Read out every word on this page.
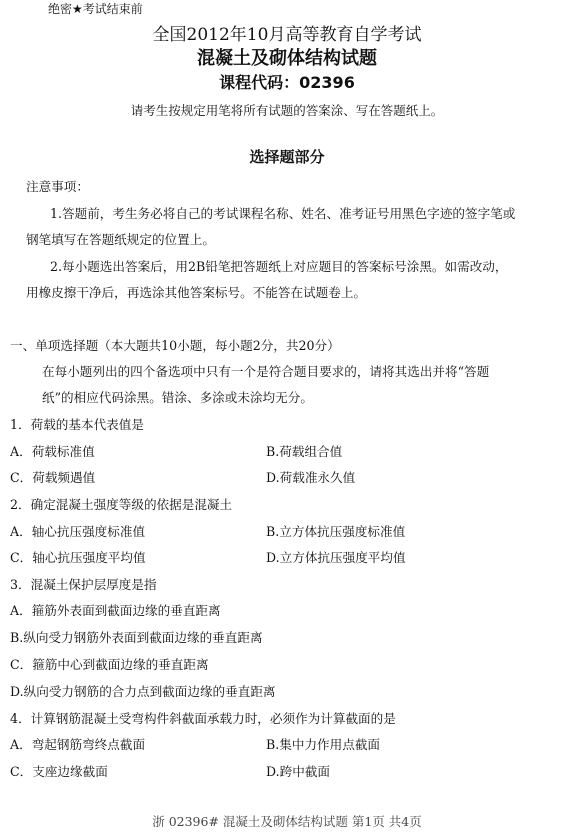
绝密★考试结束前
全国2012年10月高等教育自学考试
混凝土及砌体结构试题
课程代码：02396
请考生按规定用笔将所有试题的答案涂、写在答题纸上。
选择题部分
注意事项：
1.答题前，考生务必将自己的考试课程名称、姓名、准考证号用黑色字迹的签字笔或
钢笔填写在答题纸规定的位置上。
2.每小题选出答案后，用2B铅笔把答题纸上对应题目的答案标号涂黑。如需改动，
用橡皮擦干净后，再选涂其他答案标号。不能答在试题卷上。
一、单项选择题（本大题共10小题，每小题2分，共20分）
在每小题列出的四个备选项中只有一个是符合题目要求的，请将其选出并将“答题
纸”的相应代码涂黑。错涂、多涂或未涂均无分。
1．荷载的基本代表值是
A．荷载标准值	B.荷载组合值
C．荷载频遇值	D.荷载准永久值
2．确定混凝土强度等级的依据是混凝土
A．轴心抗压强度标准值	B.立方体抗压强度标准值
C．轴心抗压强度平均值	D.立方体抗压强度平均值
3．混凝土保护层厚度是指
A．箍筋外表面到截面边缘的垂直距离
B.纵向受力钢筋外表面到截面边缘的垂直距离
C．箍筋中心到截面边缘的垂直距离
D.纵向受力钢筋的合力点到截面边缘的垂直距离
4．计算钢筋混凝土受弯构件斜截面承载力时，必须作为计算截面的是
A．弯起钢筋弯终点截面	B.集中力作用点截面
C．支座边缘截面	D.跨中截面
浙 02396# 混凝土及砌体结构试题 第1页 共4页
